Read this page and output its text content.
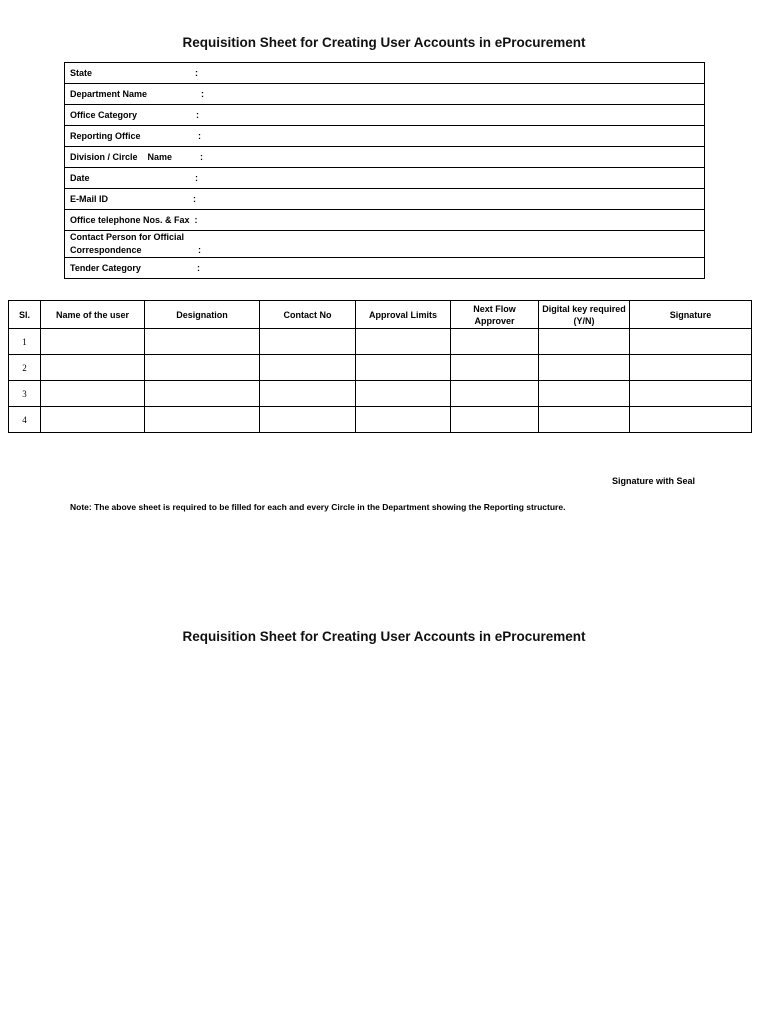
Requisition Sheet for Creating User Accounts in eProcurement
State	:

Department Name	:

Office Category	:

Reporting Office	:

Division / Circle    Name	:

Date	:

E-Mail ID	:

Office telephone Nos. & Fax  :

Contact Person for Official
Correspondence	:

Tender Category	:
Sl.	Name of the user	Designation	Contact No	Approval Limits	Next Flow Approver	Digital key required (Y/N)	Signature
1							
2							
3							
4							
Signature with Seal
Note: The above sheet is required to be filled for each and every Circle in the Department showing the Reporting structure.
Requisition Sheet for Creating User Accounts in eProcurement
